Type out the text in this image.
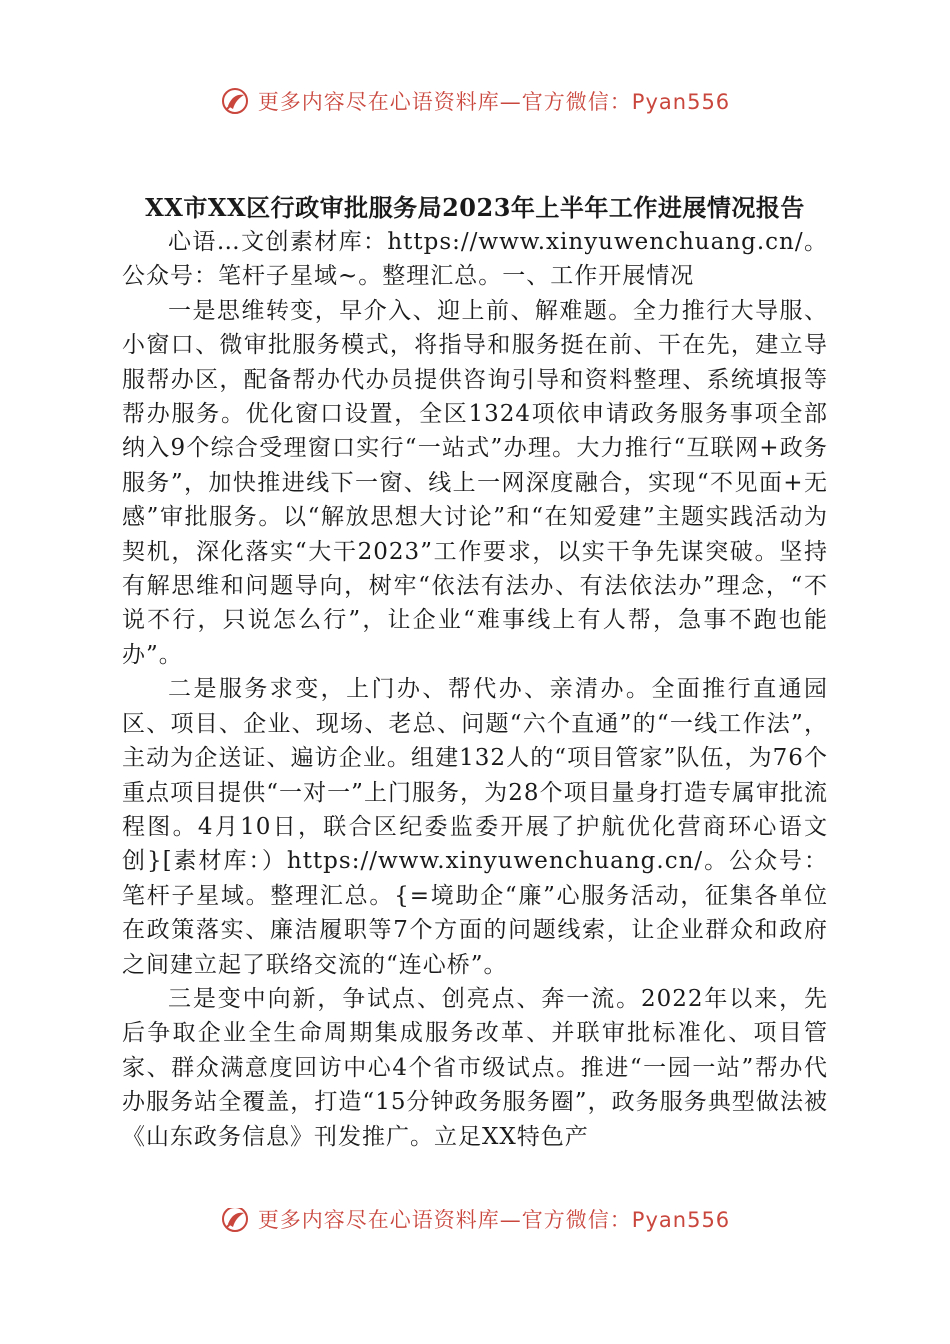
更多内容尽在心语资料库—官方微信：Pyan556
XX市XX区行政审批服务局2023年上半年工作进展情况报告

心语…文创素材库：https://www.xinyuwenchuang.cn/。公众号：笔杆子星域~。整理汇总。一、工作开展情况

一是思维转变，早介入、迎上前、解难题。全力推行大导服、小窗口、微审批服务模式，将指导和服务挺在前、干在先，建立导服帮办区，配备帮办代办员提供咨询引导和资料整理、系统填报等帮办服务。优化窗口设置，全区1324项依申请政务服务事项全部纳入9个综合受理窗口实行“一站式”办理。大力推行“互联网+政务服务”，加快推进线下一窗、线上一网深度融合，实现“不见面+无感”审批服务。以“解放思想大讨论”和“在知爱建”主题实践活动为契机，深化落实“大干2023”工作要求，以实干争先谋突破。坚持有解思维和问题导向，树牢“依法有法办、有法依法办”理念，“不说不行，只说怎么行”，让企业“难事线上有人帮，急事不跑也能办”。

二是服务求变，上门办、帮代办、亲清办。全面推行直通园区、项目、企业、现场、老总、问题“六个直通”的“一线工作法”，主动为企送证、遍访企业。组建132人的“项目管家”队伍，为76个重点项目提供“一对一”上门服务，为28个项目量身打造专属审批流程图。4月10日，联合区纪委监委开展了护航优化营商环心语文创}[素材库：）https://www.xinyuwenchuang.cn/。公众号：笔杆子星域。整理汇总。{=境助企“廉”心服务活动，征集各单位在政策落实、廉洁履职等7个方面的问题线索，让企业群众和政府之间建立起了联络交流的“连心桥”。

三是变中向新，争试点、创亮点、奔一流。2022年以来，先后争取企业全生命周期集成服务改革、并联审批标准化、项目管家、群众满意度回访中心4个省市级试点。推进“一园一站”帮办代办服务站全覆盖，打造“15分钟政务服务圈”，政务服务典型做法被《山东政务信息》刊发推广。立足XX特色产

更多内容尽在心语资料库—官方微信：Pyan556
